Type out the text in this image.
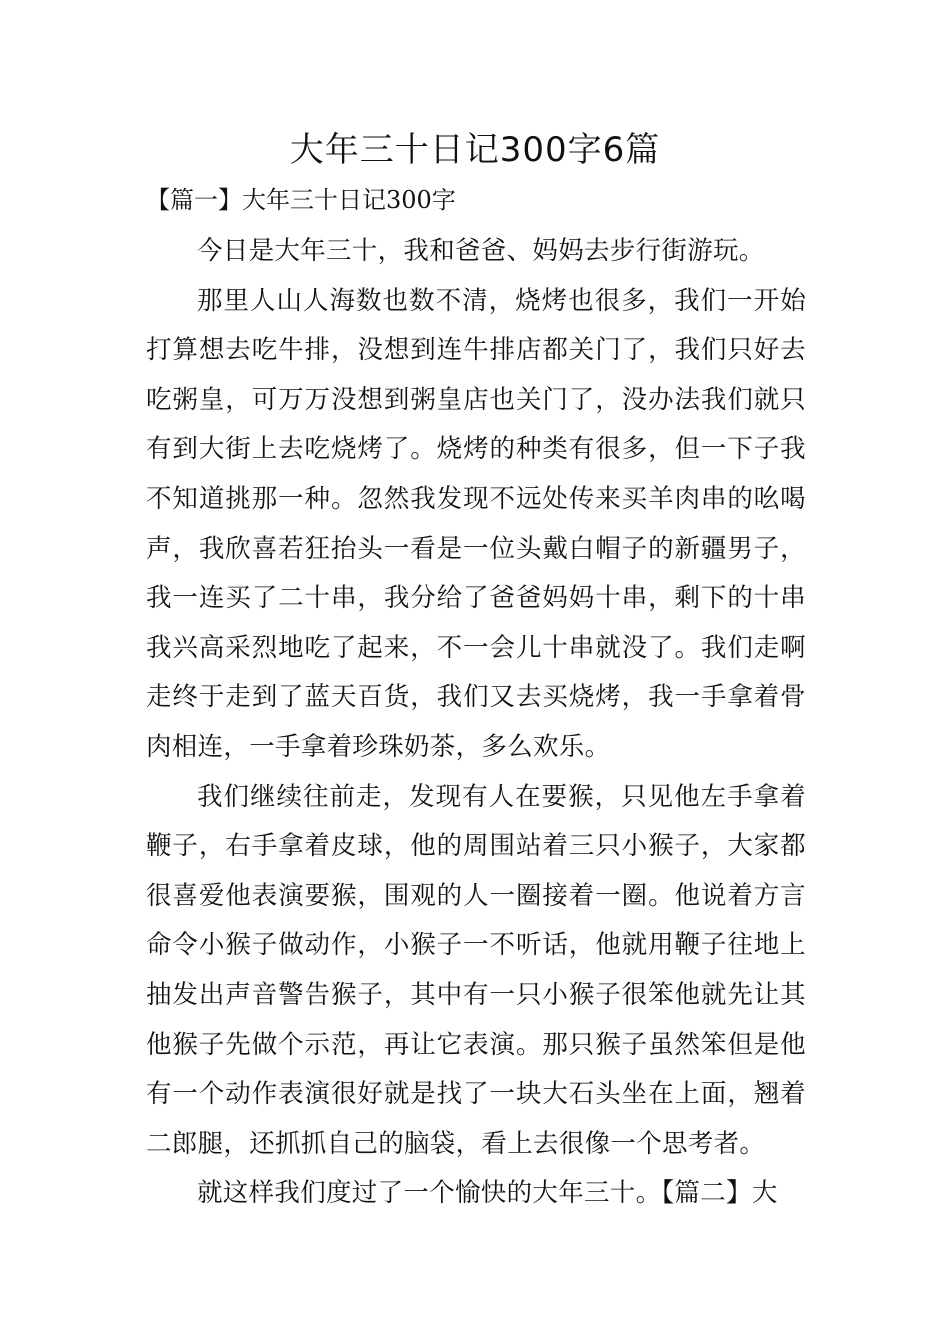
大年三十日记300字6篇
【篇一】大年三十日记300字

今日是大年三十，我和爸爸、妈妈去步行街游玩。

那里人山人海数也数不清，烧烤也很多，我们一开始打算想去吃牛排，没想到连牛排店都关门了，我们只好去吃粥皇，可万万没想到粥皇店也关门了，没办法我们就只有到大街上去吃烧烤了。烧烤的种类有很多，但一下子我不知道挑那一种。忽然我发现不远处传来买羊肉串的吆喝声，我欣喜若狂抬头一看是一位头戴白帽子的新疆男子，我一连买了二十串，我分给了爸爸妈妈十串，剩下的十串我兴高采烈地吃了起来，不一会儿十串就没了。我们走啊走终于走到了蓝天百货，我们又去买烧烤，我一手拿着骨肉相连，一手拿着珍珠奶茶，多么欢乐。

我们继续往前走，发现有人在要猴，只见他左手拿着鞭子，右手拿着皮球，他的周围站着三只小猴子，大家都很喜爱他表演要猴，围观的人一圈接着一圈。他说着方言命令小猴子做动作，小猴子一不听话，他就用鞭子往地上抽发出声音警告猴子，其中有一只小猴子很笨他就先让其他猴子先做个示范，再让它表演。那只猴子虽然笨但是他有一个动作表演很好就是找了一块大石头坐在上面，翘着二郎腿，还抓抓自己的脑袋，看上去很像一个思考者。

就这样我们度过了一个愉快的大年三十。【篇二】大
